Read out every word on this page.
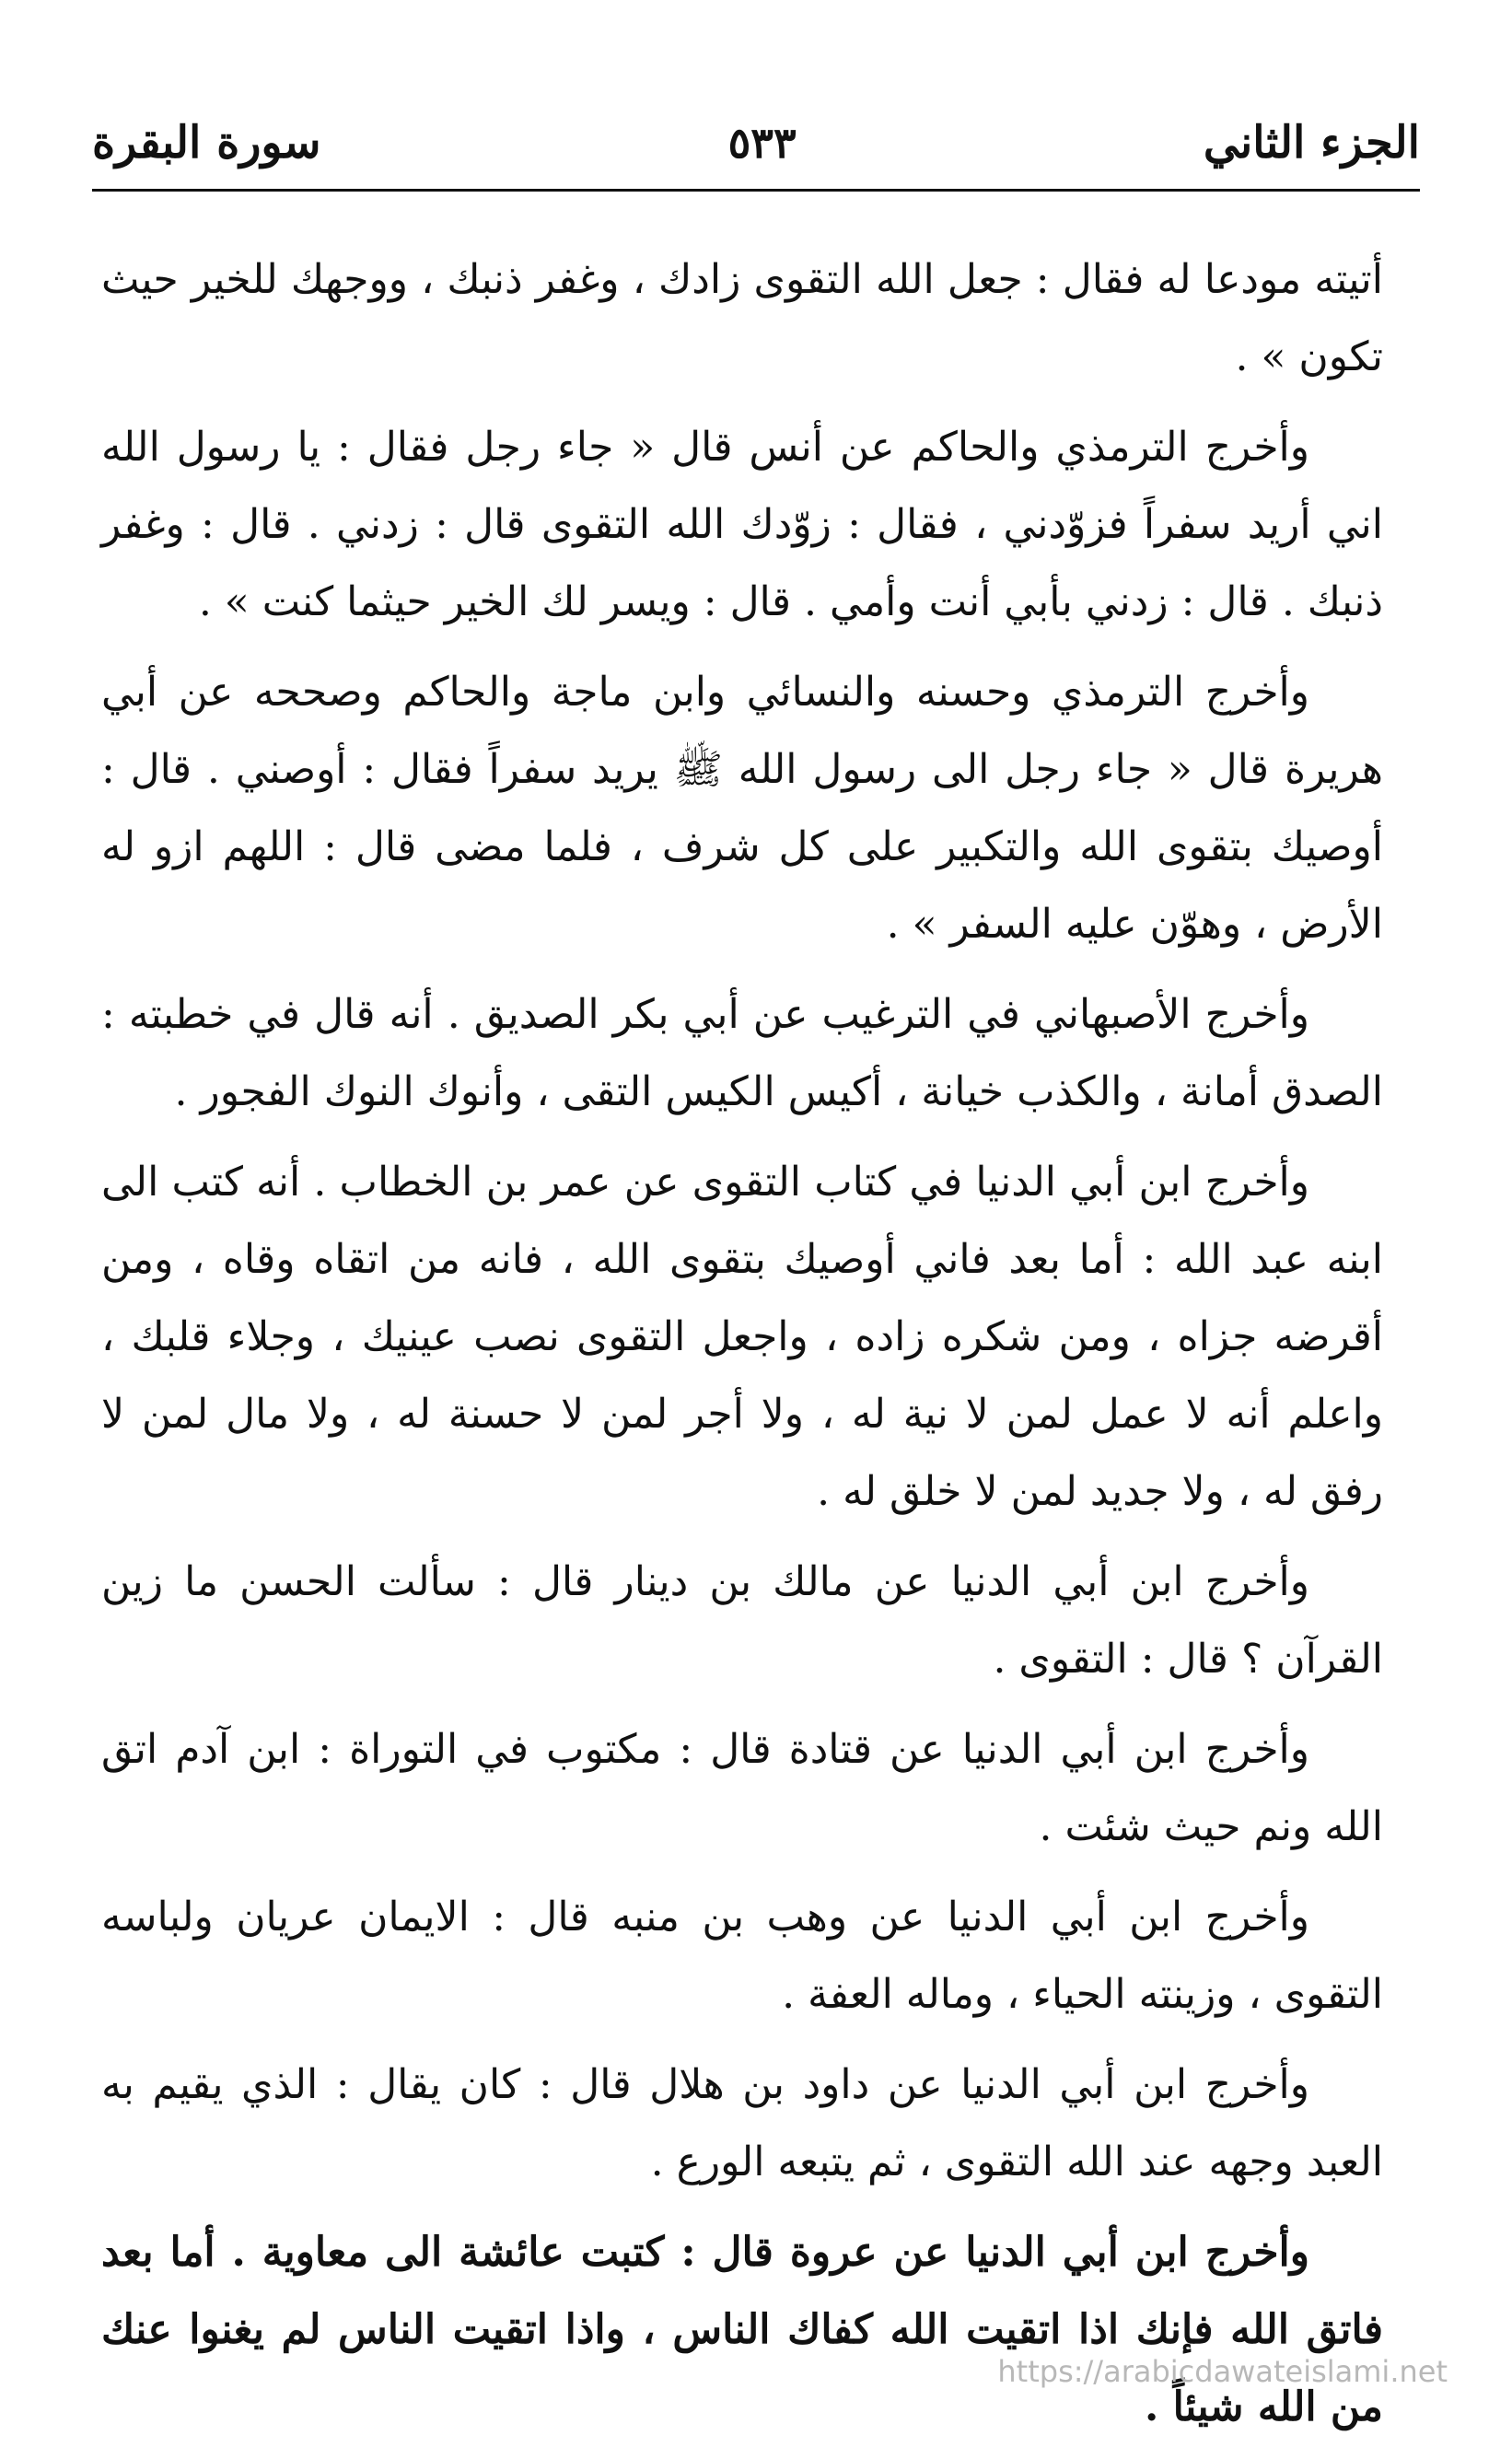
الجزء الثاني
٥٣٣
سورة البقرة

أتيته مودعا له فقال : جعل الله التقوى زادك ، وغفر ذنبك ، ووجهك للخير حيث تكون » .

وأخرج الترمذي والحاكم عن أنس قال « جاء رجل فقال : يا رسول الله اني أريد سفراً فزوّدني ، فقال : زوّدك الله التقوى قال : زدني . قال : وغفر ذنبك . قال : زدني بأبي أنت وأمي . قال : ويسر لك الخير حيثما كنت » .

وأخرج الترمذي وحسنه والنسائي وابن ماجة والحاكم وصححه عن أبي هريرة قال « جاء رجل الى رسول الله ﷺ يريد سفراً فقال : أوصني . قال : أوصيك بتقوى الله والتكبير على كل شرف ، فلما مضى قال : اللهم ازو له الأرض ، وهوّن عليه السفر » .

وأخرج الأصبهاني في الترغيب عن أبي بكر الصديق . أنه قال في خطبته : الصدق أمانة ، والكذب خيانة ، أكيس الكيس التقى ، وأنوك النوك الفجور .

وأخرج ابن أبي الدنيا في كتاب التقوى عن عمر بن الخطاب . أنه كتب الى ابنه عبد الله : أما بعد فاني أوصيك بتقوى الله ، فانه من اتقاه وقاه ، ومن أقرضه جزاه ، ومن شكره زاده ، واجعل التقوى نصب عينيك ، وجلاء قلبك ، واعلم أنه لا عمل لمن لا نية له ، ولا أجر لمن لا حسنة له ، ولا مال لمن لا رفق له ، ولا جديد لمن لا خلق له .

وأخرج ابن أبي الدنيا عن مالك بن دينار قال : سألت الحسن ما زين القرآن ؟ قال : التقوى .

وأخرج ابن أبي الدنيا عن قتادة قال : مكتوب في التوراة : ابن آدم اتق الله ونم حيث شئت .

وأخرج ابن أبي الدنيا عن وهب بن منبه قال : الايمان عريان ولباسه التقوى ، وزينته الحياء ، وماله العفة .

وأخرج ابن أبي الدنيا عن داود بن هلال قال : كان يقال : الذي يقيم به العبد وجهه عند الله التقوى ، ثم يتبعه الورع .

وأخرج ابن أبي الدنيا عن عروة قال : كتبت عائشة الى معاوية . أما بعد فاتق الله فإنك اذا اتقيت الله كفاك الناس ، واذا اتقيت الناس لم يغنوا عنك من الله شيئاً .

https://arabicdawateislami.net
